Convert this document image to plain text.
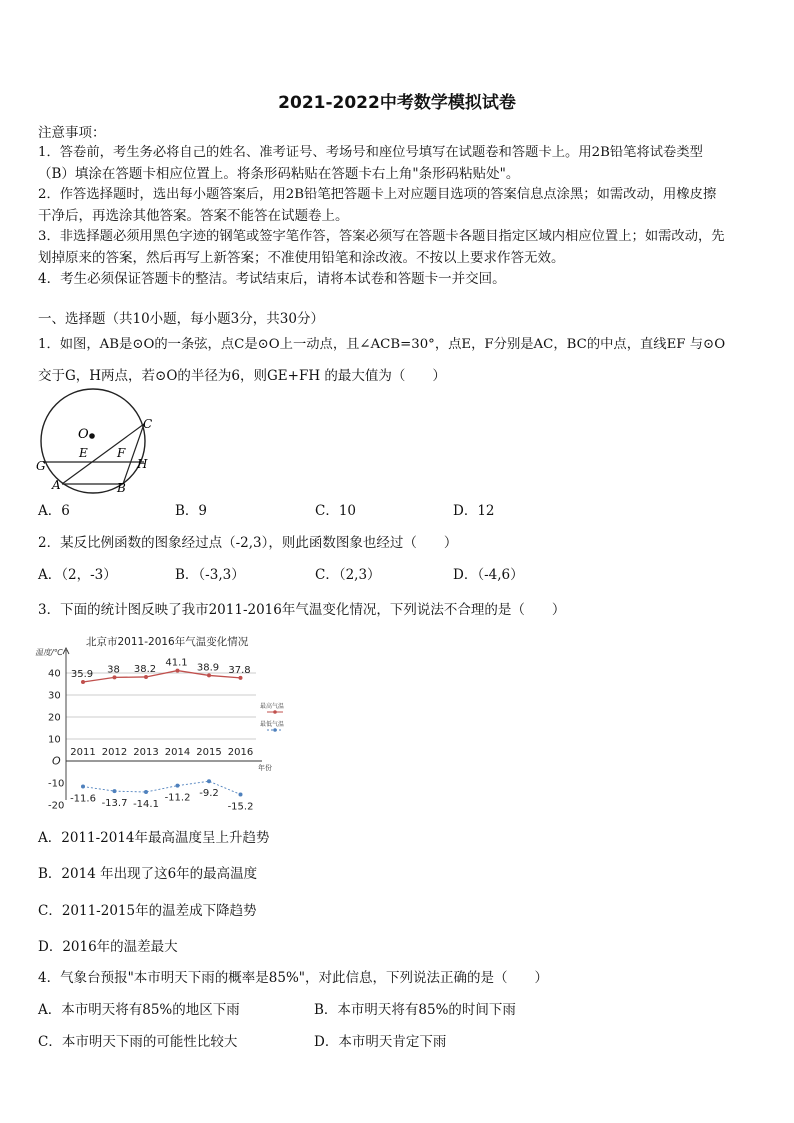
2021-2022中考数学模拟试卷
注意事项：
1．答卷前，考生务必将自己的姓名、准考证号、考场号和座位号填写在试题卷和答题卡上。用2B铅笔将试卷类型
（B）填涂在答题卡相应位置上。将条形码粘贴在答题卡右上角"条形码粘贴处"。
2．作答选择题时，选出每小题答案后，用2B铅笔把答题卡上对应题目选项的答案信息点涂黑；如需改动，用橡皮擦
干净后，再选涂其他答案。答案不能答在试题卷上。
3．非选择题必须用黑色字迹的钢笔或签字笔作答，答案必须写在答题卡各题目指定区域内相应位置上；如需改动，先
划掉原来的答案，然后再写上新答案；不准使用铅笔和涂改液。不按以上要求作答无效。
4．考生必须保证答题卡的整洁。考试结束后，请将本试卷和答题卡一并交回。
一、选择题（共10小题，每小题3分，共30分）
1．如图，AB是⊙O的一条弦，点C是⊙O上一动点，且∠ACB=30°，点E，F分别是AC，BC的中点，直线EF 与⊙O
交于G，H两点，若⊙O的半径为6，则GE+FH 的最大值为（　　）
O
C
E F
G	H
A	B
A．6	B．9	C．10	D．12
2．某反比例函数的图象经过点（-2,3），则此函数图象也经过（　　）
A．（2，-3）	B．（-3,3）	C．（2,3）	D．（-4,6）
3．下面的统计图反映了我市2011-2016年气温变化情况，下列说法不合理的是（　　）
北京市2011-2016年气温变化情况
温度/℃
年份
40
30
20
10
O
-10
-20
2011 2012 2013 2014 2015 2016
35.9 38 38.2
41.1 38.9 37.8
-11.6 -13.7 -14.1
-11.2 -9.2
-15.2
最高气温
最低气温
A．2011-2014年最高温度呈上升趋势
B．2014 年出现了这6年的最高温度
C．2011-2015年的温差成下降趋势
D．2016年的温差最大
4．气象台预报"本市明天下雨的概率是85%"，对此信息，下列说法正确的是（　　）
A．本市明天将有85%的地区下雨	B．本市明天将有85%的时间下雨
C．本市明天下雨的可能性比较大	D．本市明天肯定下雨
